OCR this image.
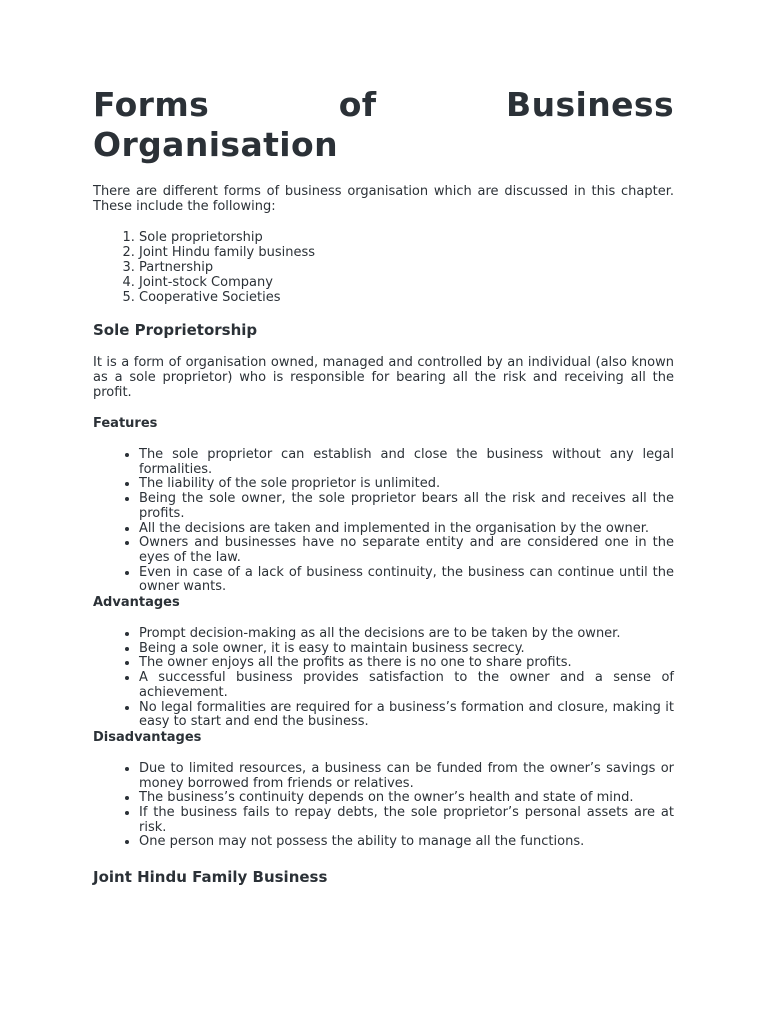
Forms of Business Organisation

There are different forms of business organisation which are discussed in this chapter. These include the following:

1. Sole proprietorship
2. Joint Hindu family business
3. Partnership
4. Joint-stock Company
5. Cooperative Societies
Sole Proprietorship

It is a form of organisation owned, managed and controlled by an individual (also known as a sole proprietor) who is responsible for bearing all the risk and receiving all the profit.

Features
• The sole proprietor can establish and close the business without any legal formalities.
• The liability of the sole proprietor is unlimited.
• Being the sole owner, the sole proprietor bears all the risk and receives all the profits.
• All the decisions are taken and implemented in the organisation by the owner.
• Owners and businesses have no separate entity and are considered one in the eyes of the law.
• Even in case of a lack of business continuity, the business can continue until the owner wants.
Advantages
• Prompt decision-making as all the decisions are to be taken by the owner.
• Being a sole owner, it is easy to maintain business secrecy.
• The owner enjoys all the profits as there is no one to share profits.
• A successful business provides satisfaction to the owner and a sense of achievement.
• No legal formalities are required for a business’s formation and closure, making it easy to start and end the business.
Disadvantages
• Due to limited resources, a business can be funded from the owner’s savings or money borrowed from friends or relatives.
• The business’s continuity depends on the owner’s health and state of mind.
• If the business fails to repay debts, the sole proprietor’s personal assets are at risk.
• One person may not possess the ability to manage all the functions.
Joint Hindu Family Business
